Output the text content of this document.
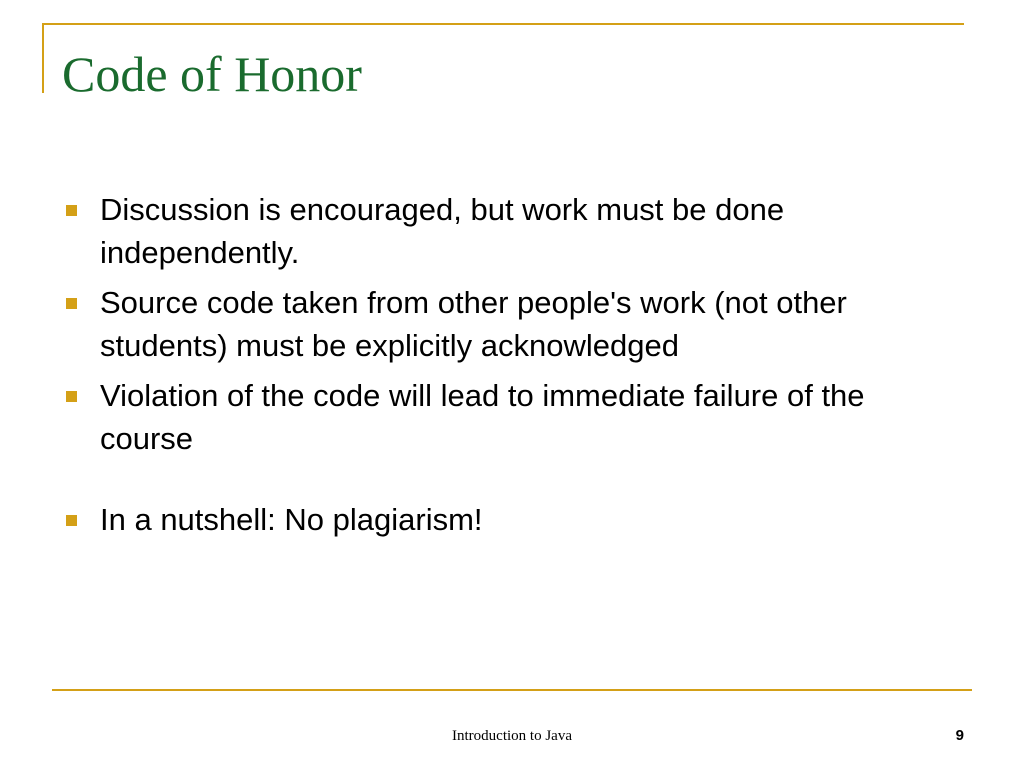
Code of Honor
Discussion is encouraged, but work must be done independently.
Source code taken from other people's work (not other students) must be explicitly acknowledged
Violation of the code will lead to immediate failure of the course
In a nutshell: No plagiarism!
Introduction to Java	9
